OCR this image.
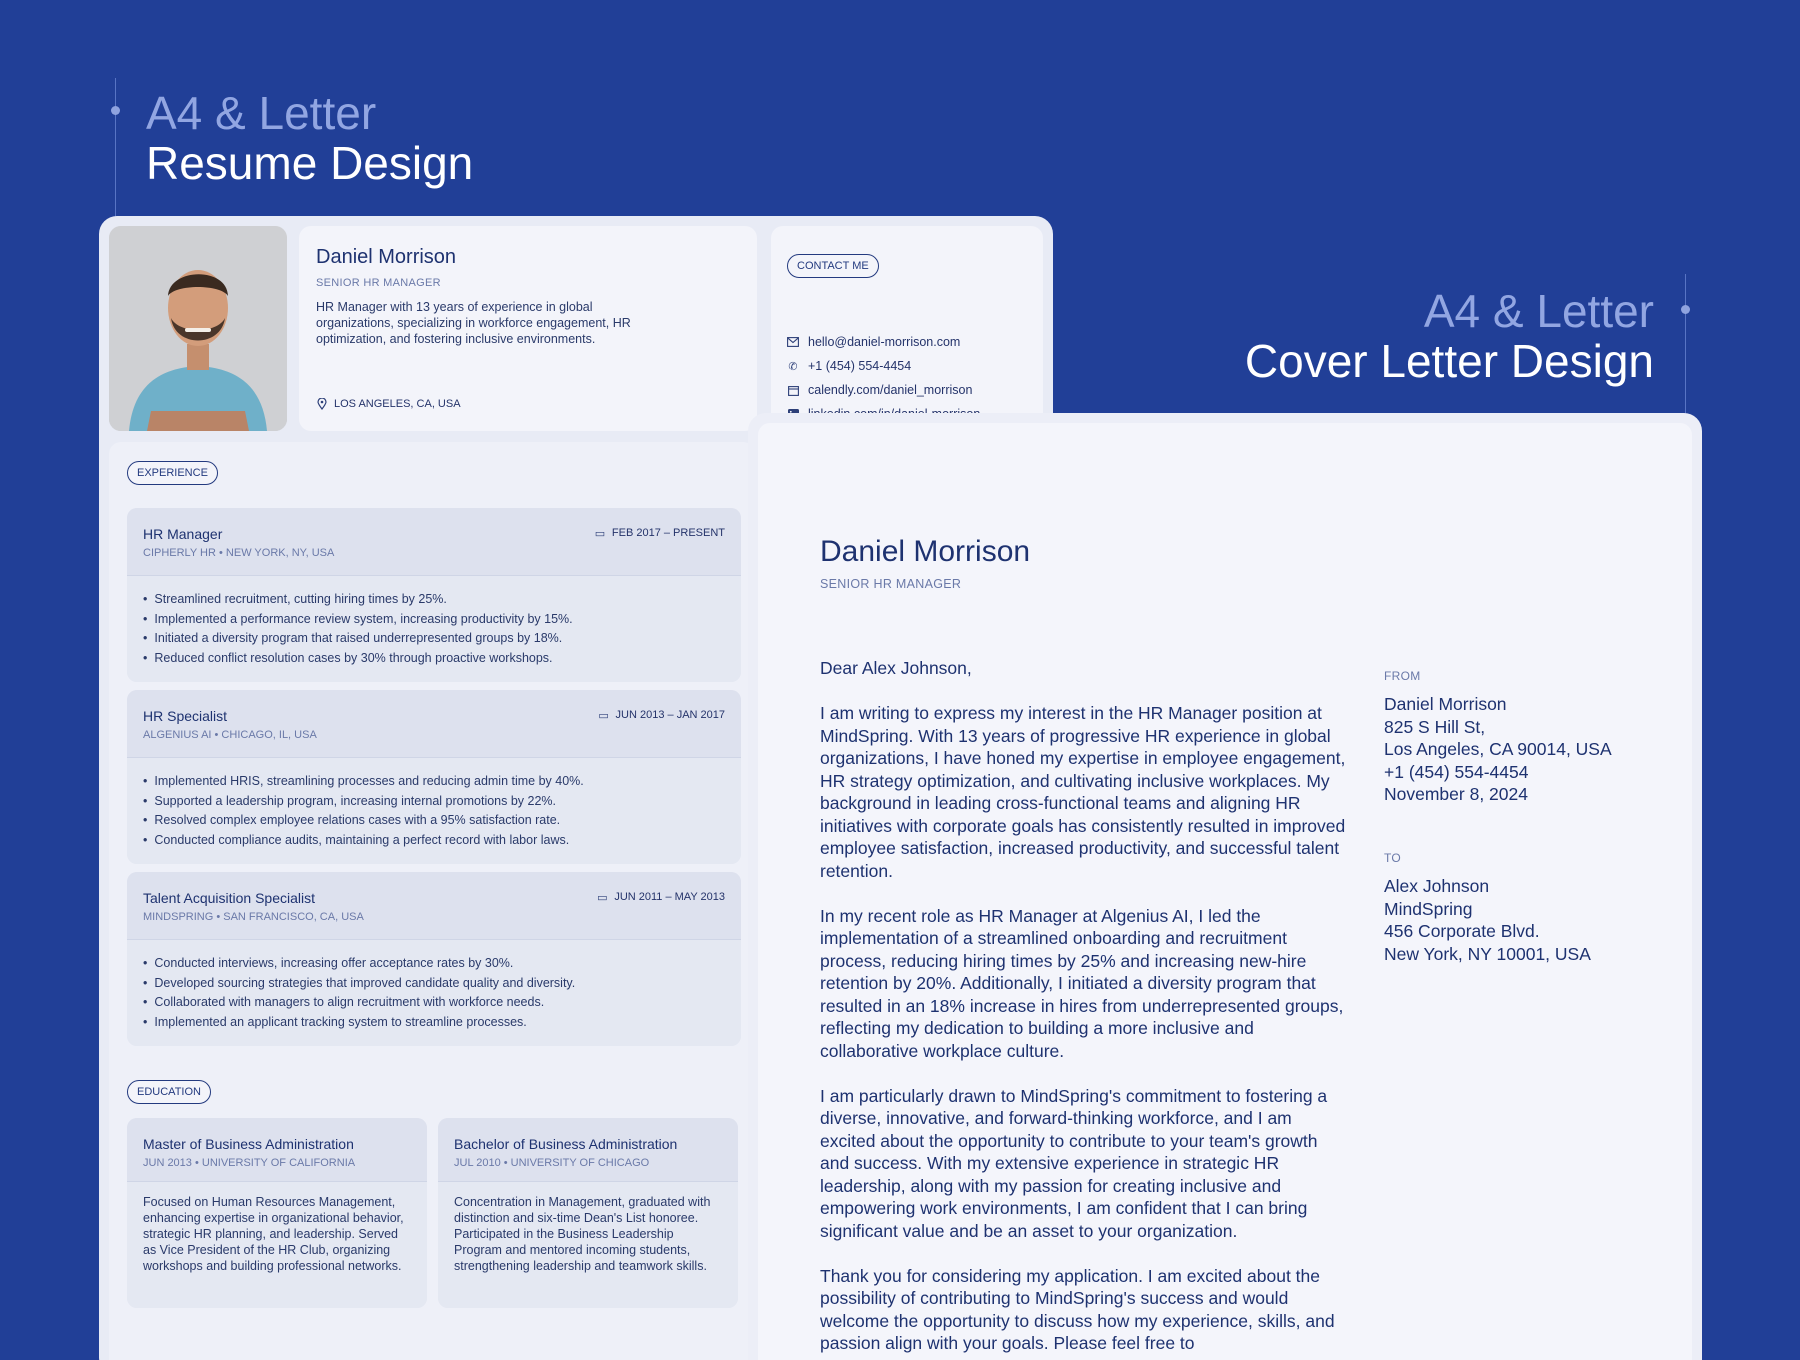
A4 & Letter
Resume Design
A4 & Letter
Cover Letter Design
Daniel Morrison
SENIOR HR MANAGER
HR Manager with 13 years of experience in global organizations, specializing in workforce engagement, HR optimization, and fostering inclusive environments.
LOS ANGELES, CA, USA
CONTACT ME
hello@daniel-morrison.com
✆ +1 (454) 554-4454
calendly.com/daniel_morrison
EXPERIENCE
HR Manager
CIPHERLY HR • NEW YORK, NY, USA
▭ FEB 2017 – PRESENT
• Streamlined recruitment, cutting hiring times by 25%.
• Implemented a performance review system, increasing productivity by 15%.
• Initiated a diversity program that raised underrepresented groups by 18%.
• Reduced conflict resolution cases by 30% through proactive workshops.
HR Specialist
ALGENIUS AI • CHICAGO, IL, USA
▭ JUN 2013 – JAN 2017
• Implemented HRIS, streamlining processes and reducing admin time by 40%.
• Supported a leadership program, increasing internal promotions by 22%.
• Resolved complex employee relations cases with a 95% satisfaction rate.
• Conducted compliance audits, maintaining a perfect record with labor laws.
Talent Acquisition Specialist
MINDSPRING • SAN FRANCISCO, CA, USA
▭ JUN 2011 – MAY 2013
• Conducted interviews, increasing offer acceptance rates by 30%.
• Developed sourcing strategies that improved candidate quality and diversity.
• Collaborated with managers to align recruitment with workforce needs.
• Implemented an applicant tracking system to streamline processes.
EDUCATION
Master of Business Administration
JUN 2013 • UNIVERSITY OF CALIFORNIA
Focused on Human Resources Management, enhancing expertise in organizational behavior, strategic HR planning, and leadership. Served as Vice President of the HR Club, organizing workshops and building professional networks.
Bachelor of Business Administration
JUL 2010 • UNIVERSITY OF CHICAGO
Concentration in Management, graduated with distinction and six-time Dean's List honoree. Participated in the Business Leadership Program and mentored incoming students, strengthening leadership and teamwork skills.
Daniel Morrison
SENIOR HR MANAGER

Dear Alex Johnson,

I am writing to express my interest in the HR Manager position at MindSpring. With 13 years of progressive HR experience in global organizations, I have honed my expertise in employee engagement, HR strategy optimization, and cultivating inclusive workplaces. My background in leading cross-functional teams and aligning HR initiatives with corporate goals has consistently resulted in improved employee satisfaction, increased productivity, and successful talent retention.

In my recent role as HR Manager at Algenius AI, I led the implementation of a streamlined onboarding and recruitment process, reducing hiring times by 25% and increasing new-hire retention by 20%. Additionally, I initiated a diversity program that resulted in an 18% increase in hires from underrepresented groups, reflecting my dedication to building a more inclusive and collaborative workplace culture.

I am particularly drawn to MindSpring's commitment to fostering a diverse, innovative, and forward-thinking workforce, and I am excited about the opportunity to contribute to your team's growth and success. With my extensive experience in strategic HR leadership, along with my passion for creating inclusive and empowering work environments, I am confident that I can bring significant value and be an asset to your organization.

Thank you for considering my application. I am excited about the possibility of contributing to MindSpring's success and would welcome the opportunity to discuss how my experience, skills, and passion align with your goals. Please feel free to

FROM
Daniel Morrison
825 S Hill St,
Los Angeles, CA 90014, USA
+1 (454) 554-4454
November 8, 2024
TO
Alex Johnson
MindSpring
456 Corporate Blvd.
New York, NY 10001, USA
